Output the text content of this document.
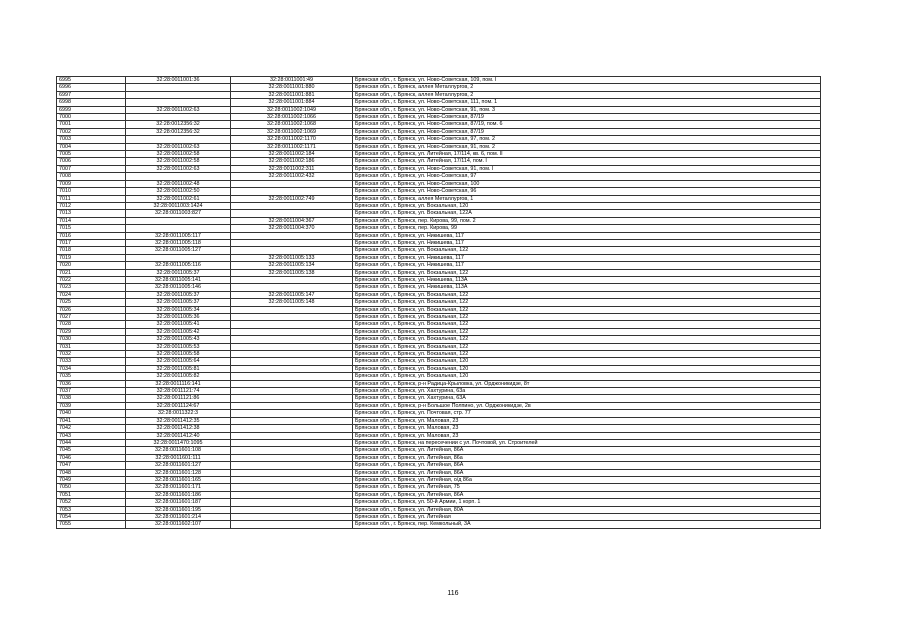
6995	32:28:0011001:36	32:28:0011001:49	Брянская обл., г. Брянск, ул. Ново-Советская, 109, пом. I
6996		32:28:0011001:880	Брянская обл., г. Брянск, аллея Металлургов, 2
6997		32:28:0011001:881	Брянская обл., г. Брянск, аллея Металлургов, 2
6998		32:28:0011001:884	Брянская обл., г. Брянск, ул. Ново-Советская, 111, пом. 1
6999	32:28:0011002:63	32:28:0011002:1049	Брянская обл., г. Брянск, ул. Ново-Советская, 91, пом. 3
7000		32:28:0011002:1066	Брянская обл., г. Брянск, ул. Ново-Советская, 87/19
7001	32:28:0012356:32	32:28:0011002:1068	Брянская обл., г. Брянск, ул. Ново-Советская, 87/19, пом. 6
7002	32:28:0012356:32	32:28:0011002:1069	Брянская обл., г. Брянск, ул. Ново-Советская, 87/19
7003		32:28:0011002:1170	Брянская обл., г. Брянск, ул. Ново-Советская, 97, пом. 2
7004	32:28:0011002:63	32:28:0011002:1171	Брянская обл., г. Брянск, ул. Ново-Советская, 91, пом. 2
7005	32:28:0011002:58	32:28:0011002:184	Брянская обл., г. Брянск, ул. Литейная, 17/114, кв. 6, пом. II
7006	32:28:0011002:58	32:28:0011002:186	Брянская обл., г. Брянск, ул. Литейная, 17/114, пом. I
7007	32:28:0011002:63	32:28:0011002:311	Брянская обл., г. Брянск, ул. Ново-Советская, 91, пом. I
7008		32:28:0011002:432	Брянская обл., г. Брянск, ул. Ново-Советская, 97
7009	32:28:0011002:48		Брянская обл., г. Брянск, ул. Ново-Советская, 100
7010	32:28:0011002:50		Брянская обл., г. Брянск, ул. Ново-Советская, 96
7011	32:28:0011002:61	32:28:0011002:749	Брянская обл., г. Брянск, аллея Металлургов, 1
7012	32:28:0011003:1424		Брянская обл., г. Брянск, ул. Вокзальная, 120
7013	32:28:0011003:827		Брянская обл., г. Брянск, ул. Вокзальная, 122А
7014		32:28:0011004:367	Брянская обл., г. Брянск, пер. Кирова, 99, пом. 2
7015		32:28:0011004:370	Брянская обл., г. Брянск, пер. Кирова, 99
7016	32:28:0011005:117		Брянская обл., г. Брянск, ул. Никишева, 117
7017	32:28:0011005:118		Брянская обл., г. Брянск, ул. Никишева, 117
7018	32:28:0011005:127		Брянская обл., г. Брянск, ул. Вокзальная, 122
7019		32:28:0011005:133	Брянская обл., г. Брянск, ул. Никишева, 117
7020	32:28:0011005:116	32:28:0011005:134	Брянская обл., г. Брянск, ул. Никишева, 117
7021	32:28:0011005:37	32:28:0011005:138	Брянская обл., г. Брянск, ул. Вокзальная, 122
7022	32:28:0011005:141		Брянская обл., г. Брянск, ул. Никишева, 113А
7023	32:28:0011005:146		Брянская обл., г. Брянск, ул. Никишева, 113А
7024	32:28:0011005:37	32:28:0011005:147	Брянская обл., г. Брянск, ул. Вокзальная, 122
7025	32:28:0011005:37	32:28:0011005:148	Брянская обл., г. Брянск, ул. Вокзальная, 122
7026	32:28:0011005:34		Брянская обл., г. Брянск, ул. Вокзальная, 122
7027	32:28:0011005:36		Брянская обл., г. Брянск, ул. Вокзальная, 122
7028	32:28:0011005:41		Брянская обл., г. Брянск, ул. Вокзальная, 122
7029	32:28:0011005:42		Брянская обл., г. Брянск, ул. Вокзальная, 122
7030	32:28:0011005:43		Брянская обл., г. Брянск, ул. Вокзальная, 122
7031	32:28:0011005:53		Брянская обл., г. Брянск, ул. Вокзальная, 122
7032	32:28:0011005:58		Брянская обл., г. Брянск, ул. Вокзальная, 122
7033	32:28:0011005:64		Брянская обл., г. Брянск, ул. Вокзальная, 120
7034	32:28:0011005:81		Брянская обл., г. Брянск, ул. Вокзальная, 120
7035	32:28:0011005:82		Брянская обл., г. Брянск, ул. Вокзальная, 120
7036	32:28:0011116:141		Брянская обл., г. Брянск, р-н Радица-Крыловка, ул. Орджоникидзе, 8т
7037	32:28:0011121:74		Брянская обл., г. Брянск, ул. Хахтурина, 63а
7038	32:28:0011121:86		Брянская обл., г. Брянск, ул. Хахтурина, 63А
7039	32:28:0011124:67		Брянская обл., г. Брянск, р-н Большое Полпино, ул. Орджоникидзе, 2в
7040	32:28:0011322:3		Брянская обл., г. Брянск, ул. Почтовая, стр. 77
7041	32:28:0011412:35		Брянская обл., г. Брянск, ул. Маловая, 23
7042	32:28:0011412:38		Брянская обл., г. Брянск, ул. Маловая, 23
7043	32:28:0011412:40		Брянская обл., г. Брянск, ул. Маловая, 23
7044	32:28:0011470:1095		Брянская обл., г. Брянск, на пересечении с ул. Почтовой, ул. Строителей
7045	32:28:0011601:108		Брянская обл., г. Брянск, ул. Литейная, 86А
7046	32:28:0011601:111		Брянская обл., г. Брянск, ул. Литейная, 86а
7047	32:28:0011601:127		Брянская обл., г. Брянск, ул. Литейная, 86А
7048	32:28:0011601:128		Брянская обл., г. Брянск, ул. Литейная, 86А
7049	32:28:0011601:165		Брянская обл., г. Брянск, ул. Литейная, о/д 86а
7050	32:28:0011601:171		Брянская обл., г. Брянск, ул. Литейная, 75
7051	32:28:0011601:186		Брянская обл., г. Брянск, ул. Литейная, 86А
7052	32:28:0011601:187		Брянская обл., г. Брянск, ул. 50-й Армии, 1 корп. 1
7053	32:28:0011601:195		Брянская обл., г. Брянск, ул. Литейная, 80А
7054	32:28:0011601:214		Брянская обл., г. Брянск, ул. Литейная
7055	32:28:0011602:107		Брянская обл., г. Брянск, пер. Кемкольный, 3А
116
